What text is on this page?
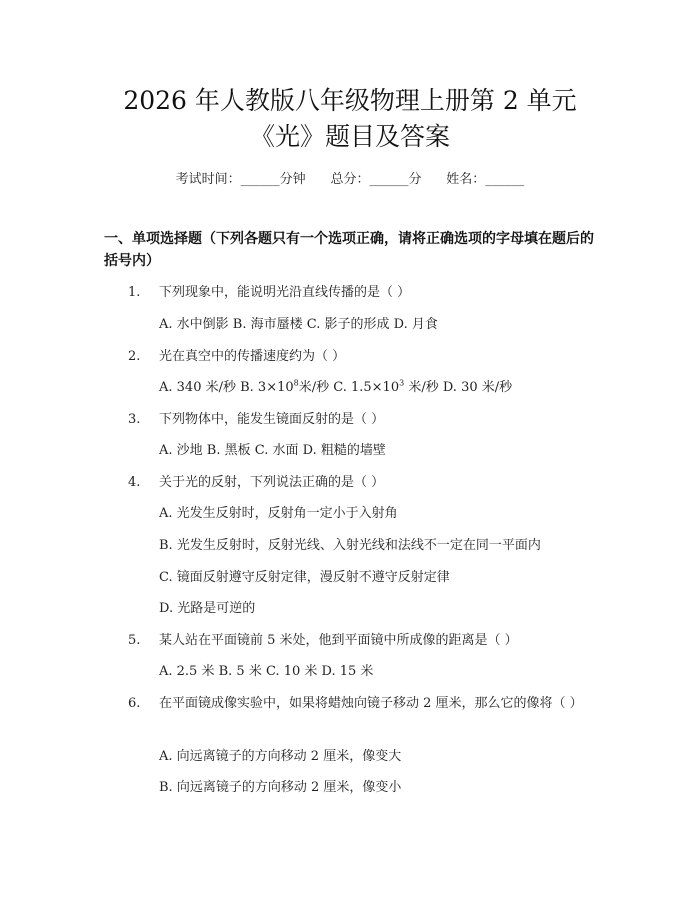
2026 年人教版八年级物理上册第 2 单元
《光》题目及答案
考试时间：______分钟 总分：______分 姓名：______
一、单项选择题（下列各题只有一个选项正确，请将正确选项的字母填在题后的括号内）
1. 下列现象中，能说明光沿直线传播的是（ ）
A. 水中倒影 B. 海市蜃楼 C. 影子的形成 D. 月食
2. 光在真空中的传播速度约为（ ）
A. 340 米/秒 B. $3\times 10^8$米/秒 C. $1.5\times 10^3$ 米/秒 D. 30 米/秒
3. 下列物体中，能发生镜面反射的是（ ）
A. 沙地 B. 黑板 C. 水面 D. 粗糙的墙壁
4. 关于光的反射，下列说法正确的是（ ）
A. 光发生反射时，反射角一定小于入射角
B. 光发生反射时，反射光线、入射光线和法线不一定在同一平面内
C. 镜面反射遵守反射定律，漫反射不遵守反射定律
D. 光路是可逆的
5. 某人站在平面镜前 5 米处，他到平面镜中所成像的距离是（ ）
A. 2.5 米 B. 5 米 C. 10 米 D. 15 米
6.	在平面镜成像实验中，如果将蜡烛向镜子移动 2 厘米，那么它的像将（ ）
A. 向远离镜子的方向移动 2 厘米，像变大
B. 向远离镜子的方向移动 2 厘米，像变小
